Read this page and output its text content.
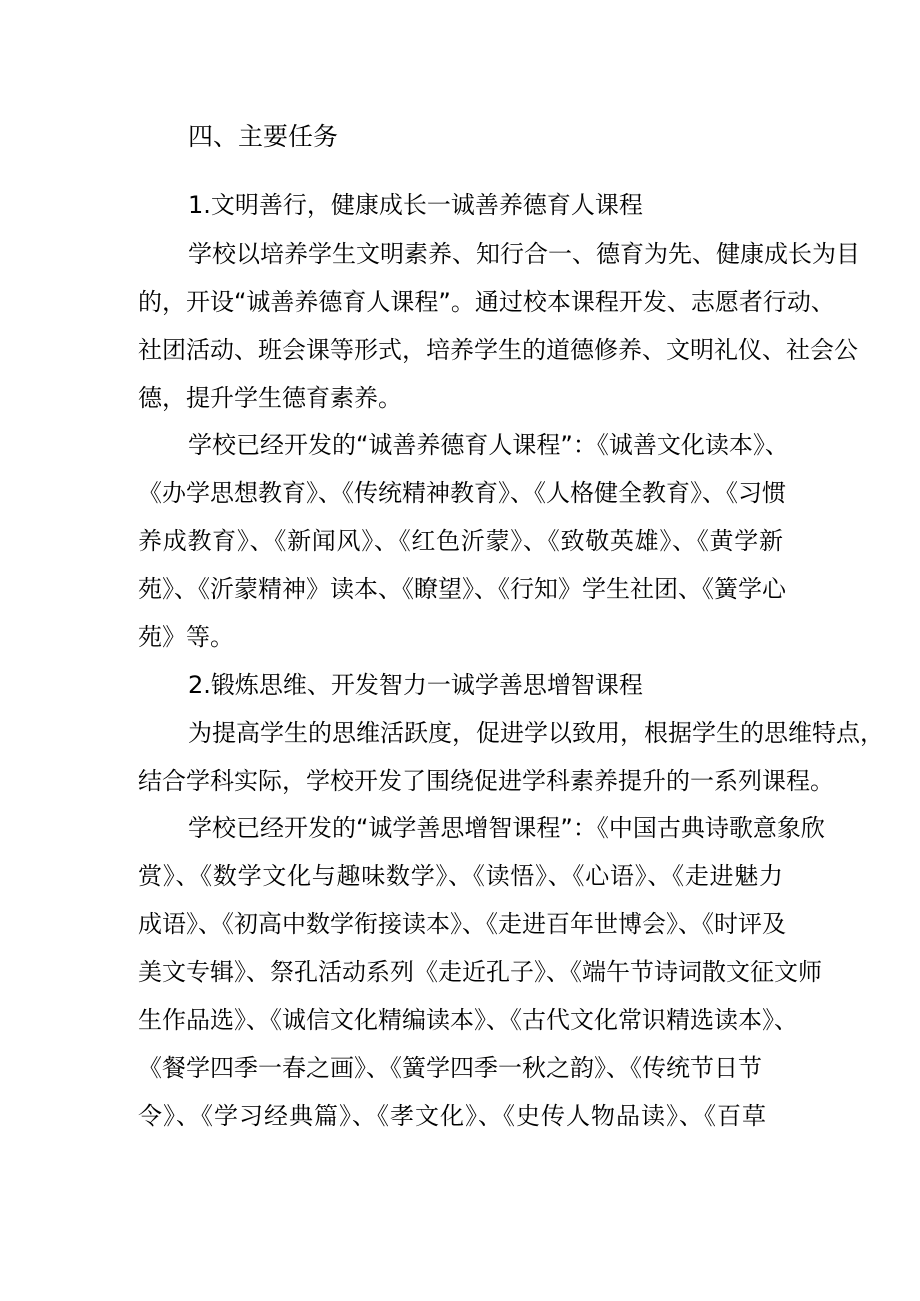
四、主要任务
1.文明善行，健康成长一诚善养德育人课程
学校以培养学生文明素养、知行合一、德育为先、健康成长为目
的，开设“诚善养德育人课程”。通过校本课程开发、志愿者行动、
社团活动、班会课等形式，培养学生的道德修养、文明礼仪、社会公
德，提升学生德育素养。
学校已经开发的“诚善养德育人课程”：《诚善文化读本》、
《办学思想教育》、《传统精神教育》、《人格健全教育》、《习惯
养成教育》、《新闻风》、《红色沂蒙》、《致敬英雄》、《黄学新
苑》、《沂蒙精神》读本、《瞭望》、《行知》学生社团、《簧学心
苑》等。
2.锻炼思维、开发智力一诚学善思增智课程
为提高学生的思维活跃度，促进学以致用，根据学生的思维特点，
结合学科实际，学校开发了围绕促进学科素养提升的一系列课程。
学校已经开发的“诚学善思增智课程”：《中国古典诗歌意象欣
赏》、《数学文化与趣味数学》、《读悟》、《心语》、《走进魅力
成语》、《初高中数学衔接读本》、《走进百年世博会》、《时评及
美文专辑》、祭孔活动系列《走近孔子》、《端午节诗词散文征文师
生作品选》、《诚信文化精编读本》、《古代文化常识精选读本》、
《餐学四季一春之画》、《簧学四季一秋之韵》、《传统节日节
令》、《学习经典篇》、《孝文化》、《史传人物品读》、《百草
